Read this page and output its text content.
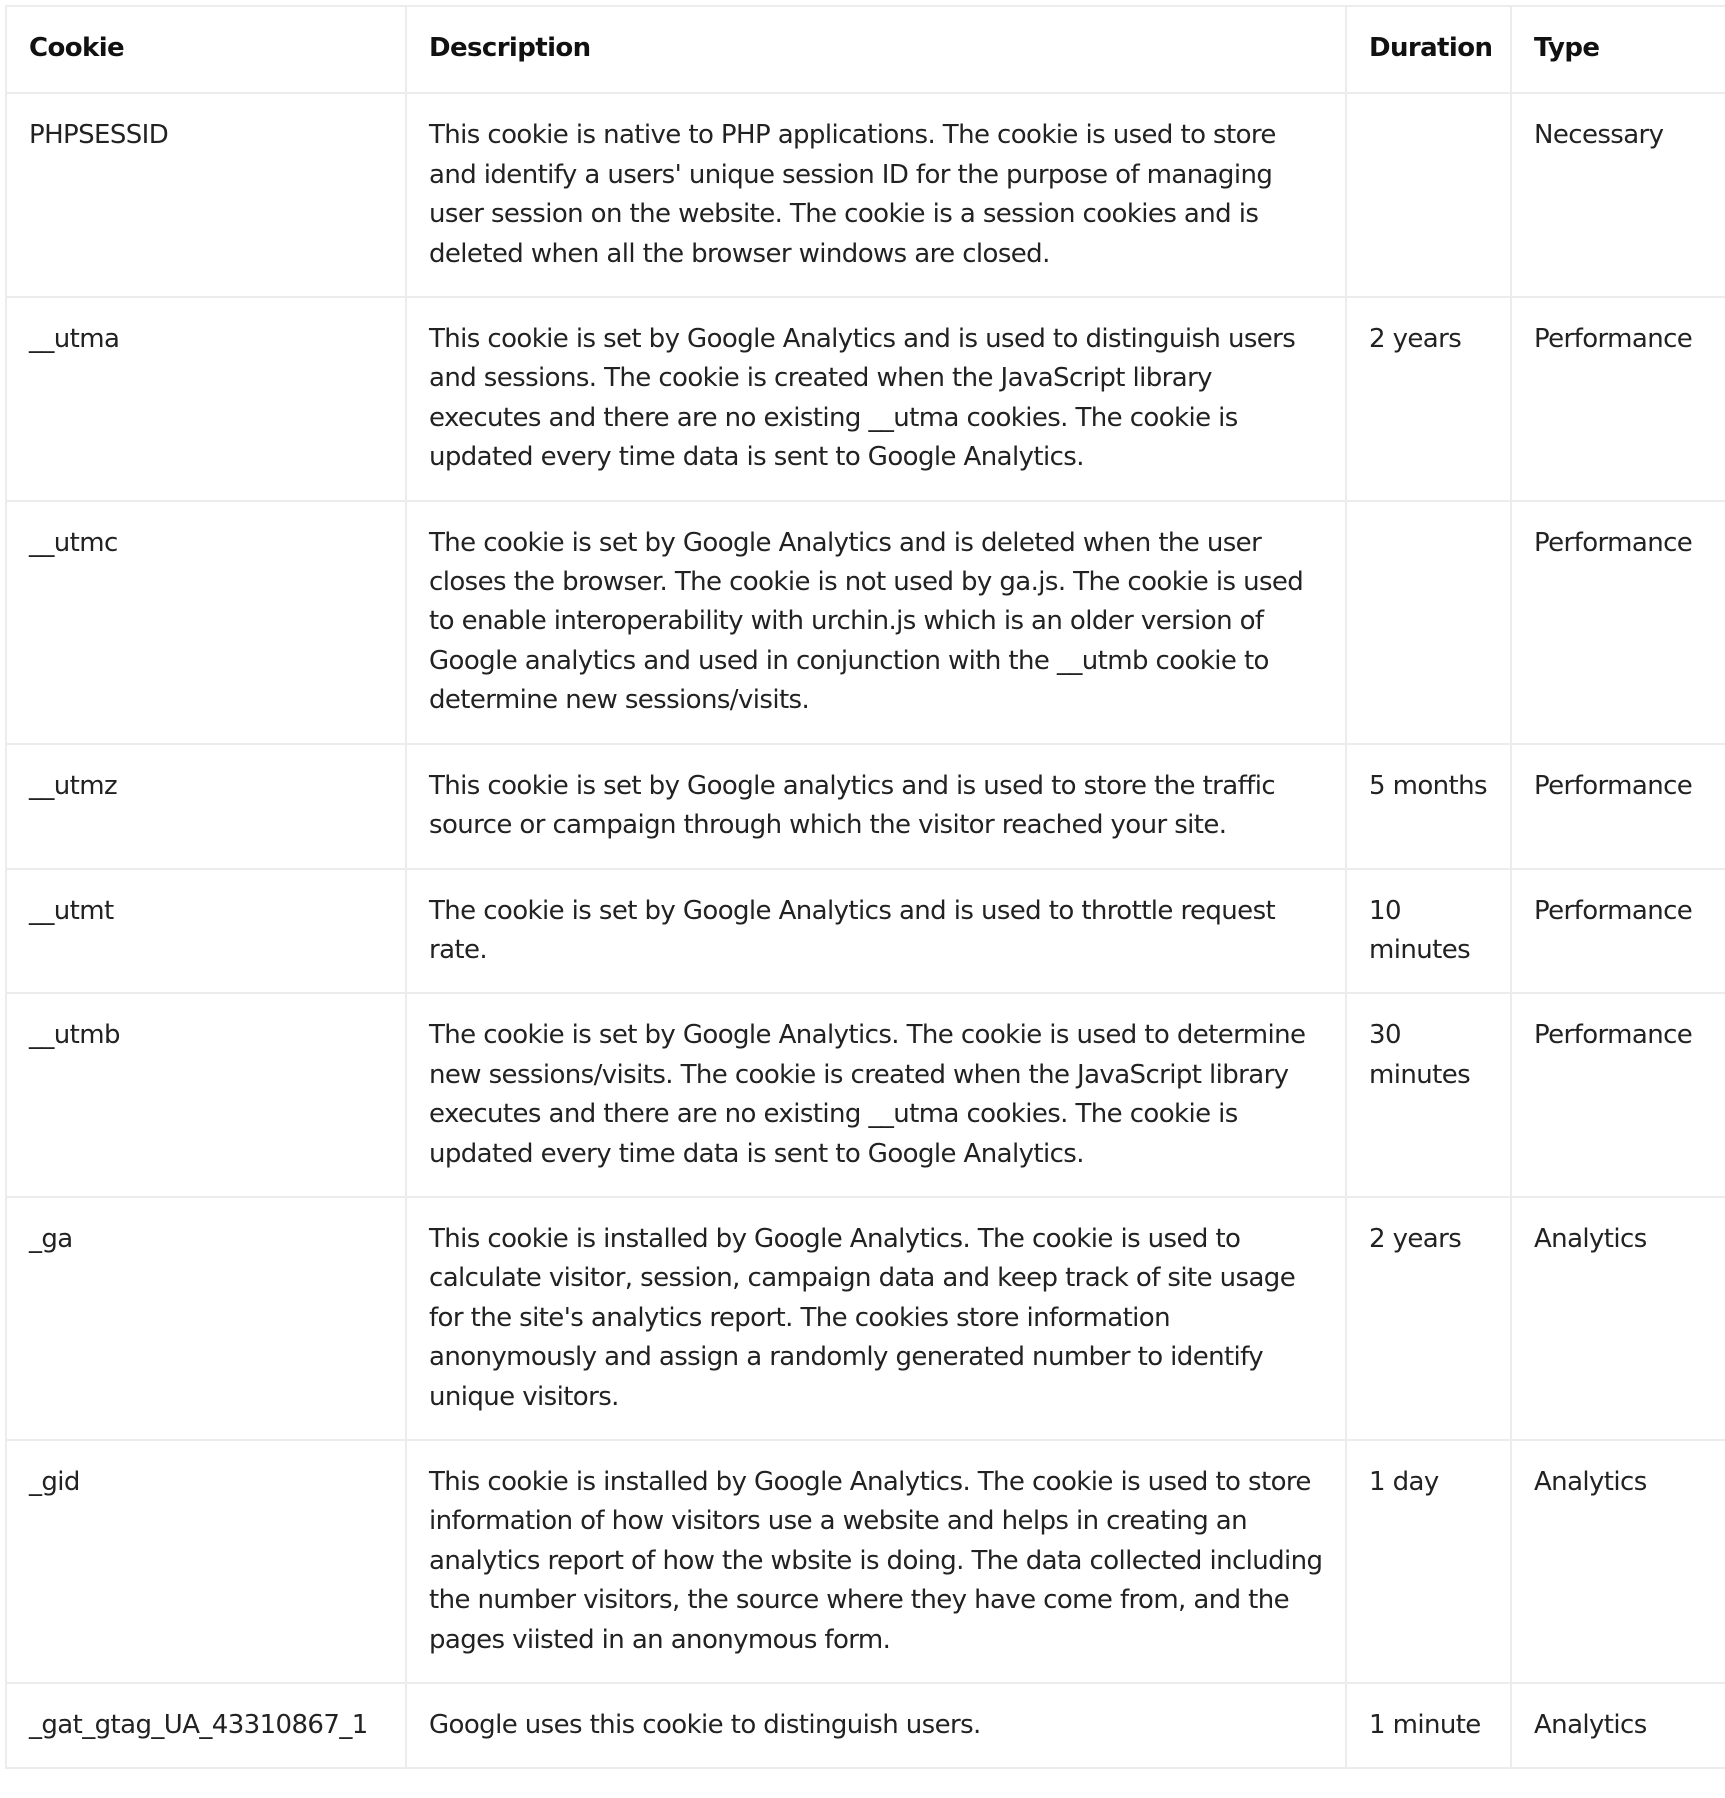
Cookie	Description	Duration	Type
PHPSESSID	This cookie is native to PHP applications. The cookie is used to store and identify a users' unique session ID for the purpose of managing user session on the website. The cookie is a session cookies and is deleted when all the browser windows are closed.		Necessary
__utma	This cookie is set by Google Analytics and is used to distinguish users and sessions. The cookie is created when the JavaScript library executes and there are no existing __utma cookies. The cookie is updated every time data is sent to Google Analytics.	2 years	Performance
__utmc	The cookie is set by Google Analytics and is deleted when the user closes the browser. The cookie is not used by ga.js. The cookie is used to enable interoperability with urchin.js which is an older version of Google analytics and used in conjunction with the __utmb cookie to determine new sessions/visits.		Performance
__utmz	This cookie is set by Google analytics and is used to store the traffic source or campaign through which the visitor reached your site.	5 months	Performance
__utmt	The cookie is set by Google Analytics and is used to throttle request rate.	10 minutes	Performance
__utmb	The cookie is set by Google Analytics. The cookie is used to determine new sessions/visits. The cookie is created when the JavaScript library executes and there are no existing __utma cookies. The cookie is updated every time data is sent to Google Analytics.	30 minutes	Performance
_ga	This cookie is installed by Google Analytics. The cookie is used to calculate visitor, session, campaign data and keep track of site usage for the site's analytics report. The cookies store information anonymously and assign a randomly generated number to identify unique visitors.	2 years	Analytics
_gid	This cookie is installed by Google Analytics. The cookie is used to store information of how visitors use a website and helps in creating an analytics report of how the wbsite is doing. The data collected including the number visitors, the source where they have come from, and the pages viisted in an anonymous form.	1 day	Analytics
_gat_gtag_UA_43310867_1	Google uses this cookie to distinguish users.	1 minute	Analytics
